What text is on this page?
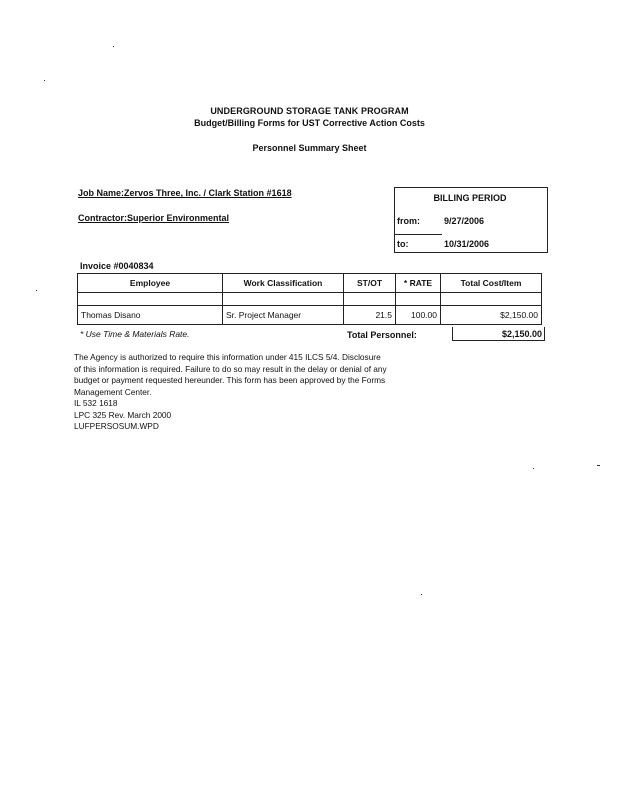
UNDERGROUND STORAGE TANK PROGRAM
Budget/Billing Forms for UST Corrective Action Costs
Personnel Summary Sheet
Job Name:Zervos Three, Inc. / Clark Station #1618
Contractor:Superior Environmental
BILLING PERIOD
from:	9/27/2006
to:	10/31/2006
Invoice #0040834
Employee	Work Classification	ST/OT	* RATE	Total Cost/Item

Thomas Disano	Sr. Project Manager	21.5	100.00	$2,150.00
* Use Time & Materials Rate.	Total Personnel:	$2,150.00
The Agency is authorized to require this information under 415 ILCS 5/4. Disclosure
of this information is required. Failure to do so may result in the delay or denial of any
budget or payment requested hereunder. This form has been approved by the Forms
Management Center.
IL 532 1618
LPC 325 Rev. March 2000
LUFPERSOSUM.WPD
